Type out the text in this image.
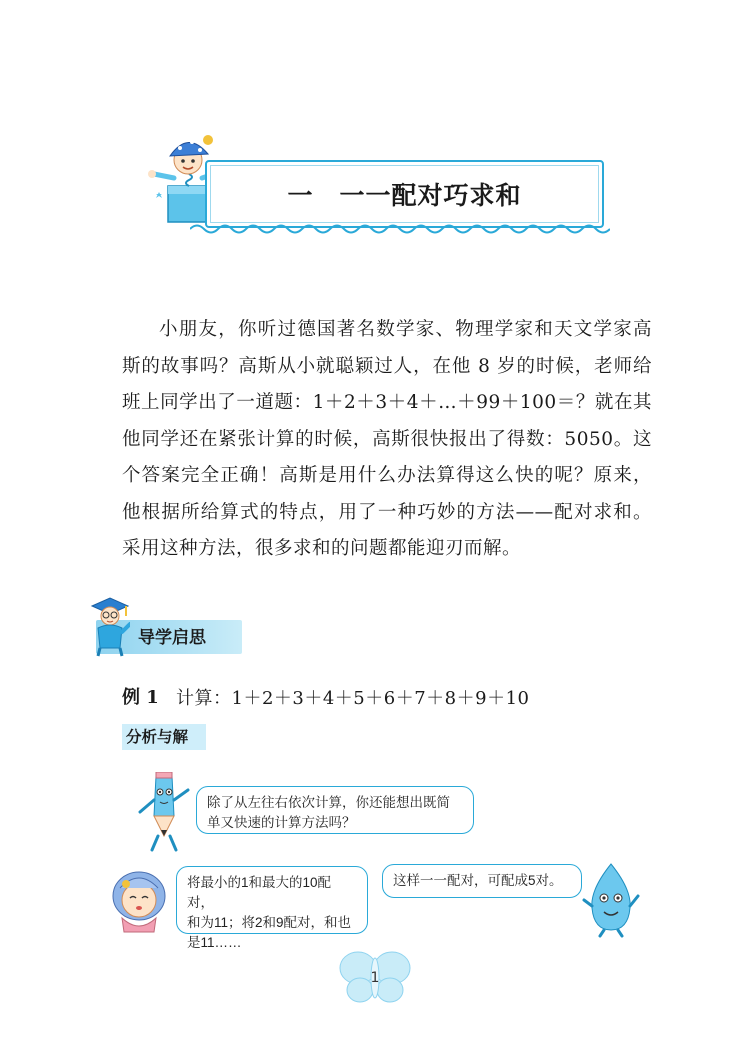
一 一一配对巧求和

小朋友，你听过德国著名数学家、物理学家和天文学家高斯的故事吗？高斯从小就聪颖过人，在他 8 岁的时候，老师给班上同学出了一道题：1＋2＋3＋4＋…＋99＋100＝？就在其他同学还在紧张计算的时候，高斯很快报出了得数：5050。这个答案完全正确！高斯是用什么办法算得这么快的呢？原来，他根据所给算式的特点，用了一种巧妙的方法——配对求和。采用这种方法，很多求和的问题都能迎刃而解。

导学启思
例 1 计算：1＋2＋3＋4＋5＋6＋7＋8＋9＋10
分析与解
除了从左往右依次计算，你还能想出既简
单又快速的计算方法吗？
将最小的1和最大的10配对，
和为11；将2和9配对，和也
是11……
这样一一配对，可配成5对。
1
